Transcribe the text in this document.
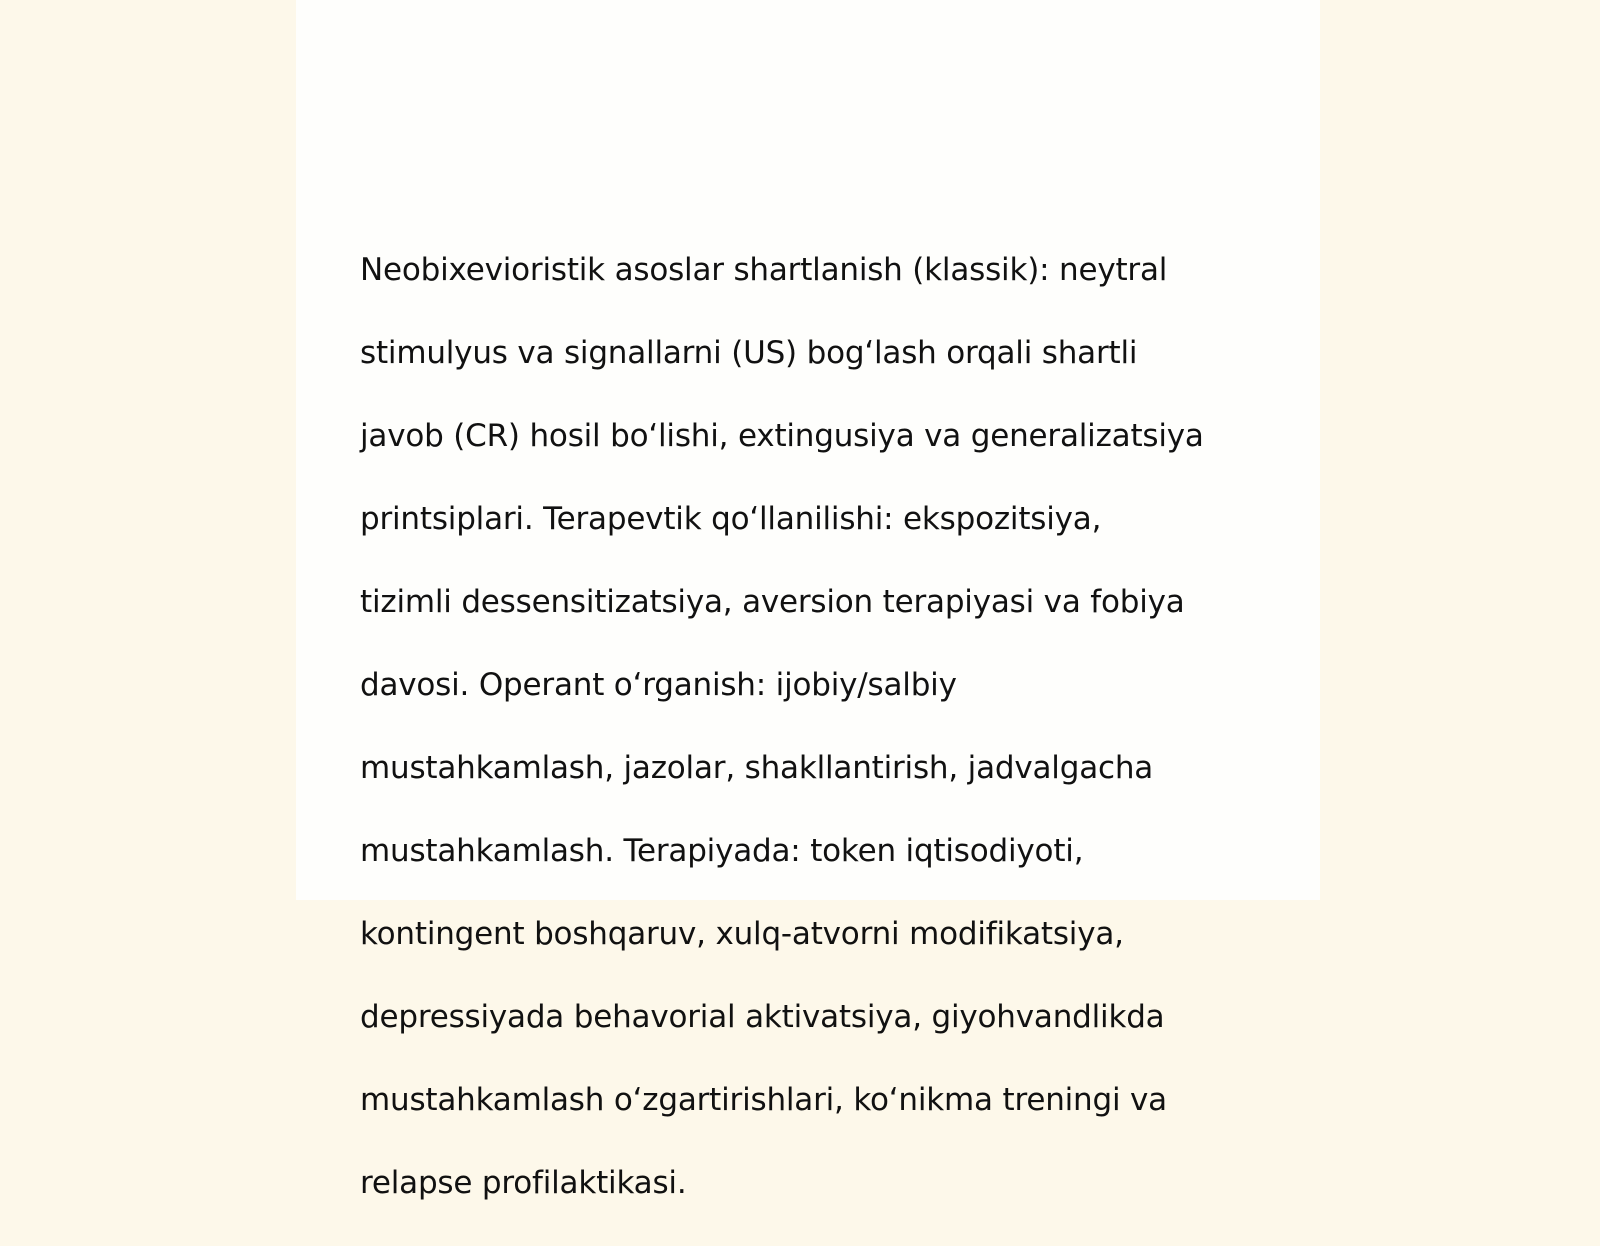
Neobixevioristik asoslar shartlanish (klassik): neytral

stimulyus va signallarni (US) bog‘lash orqali shartli

javob (CR) hosil bo‘lishi, extingusiya va generalizatsiya

printsiplari. Terapevtik qo‘llanilishi: ekspozitsiya,

tizimli dessensitizatsiya, aversion terapiyasi va fobiya

davosi. Operant o‘rganish: ijobiy/salbiy

mustahkamlash, jazolar, shakllantirish, jadvalgacha

mustahkamlash. Terapiyada: token iqtisodiyoti,

kontingent boshqaruv, xulq-atvorni modifikatsiya,

depressiyada behavorial aktivatsiya, giyohvandlikda

mustahkamlash o‘zgartirishlari, ko‘nikma treningi va

relapse profilaktikasi.
